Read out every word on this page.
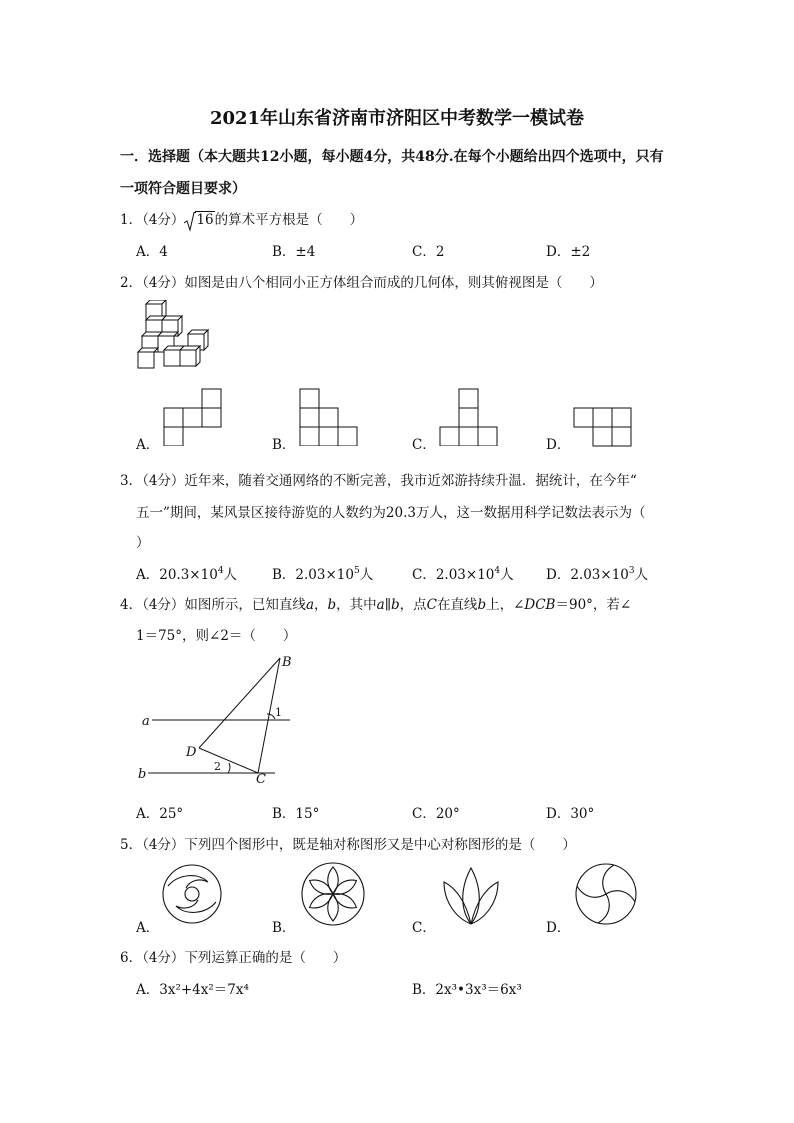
2021年山东省济南市济阳区中考数学一模试卷
一．选择题（本大题共12小题，每小题4分，共48分.在每个小题给出四个选项中，只有
一项符合题目要求）
1．（4分） 16的算术平方根是（　　）
A．4	B．±4	C．2	D．±2
2．（4分）如图是由八个相同小正方体组合而成的几何体，则其俯视图是（　　）
A．	B．	C．	D．
3．（4分）近年来，随着交通网络的不断完善，我市近郊游持续升温．据统计，在今年“
五一”期间，某风景区接待游览的人数约为20.3万人，这一数据用科学记数法表示为（
）
A．$20.3\times 10^4$人	B．$2.03\times 10^5$人	C．$2.03\times 10^4$人 D．$2.03\times 10^3$人
4．（4分）如图所示，已知直线a，b，其中a∥b，点C在直线b上，∠DCB＝90°，若∠
1＝75°，则∠2＝（　　）
B
a
D
b	C
1
2
A．25°	B．15°	C．20°	D．30°
5．（4分）下列四个图形中，既是轴对称图形又是中心对称图形的是（　　）
A．	B．	C．	D．
6．（4分）下列运算正确的是（　　）
A．3x²+4x²＝7x⁴	B．2x³•3x³＝6x³
